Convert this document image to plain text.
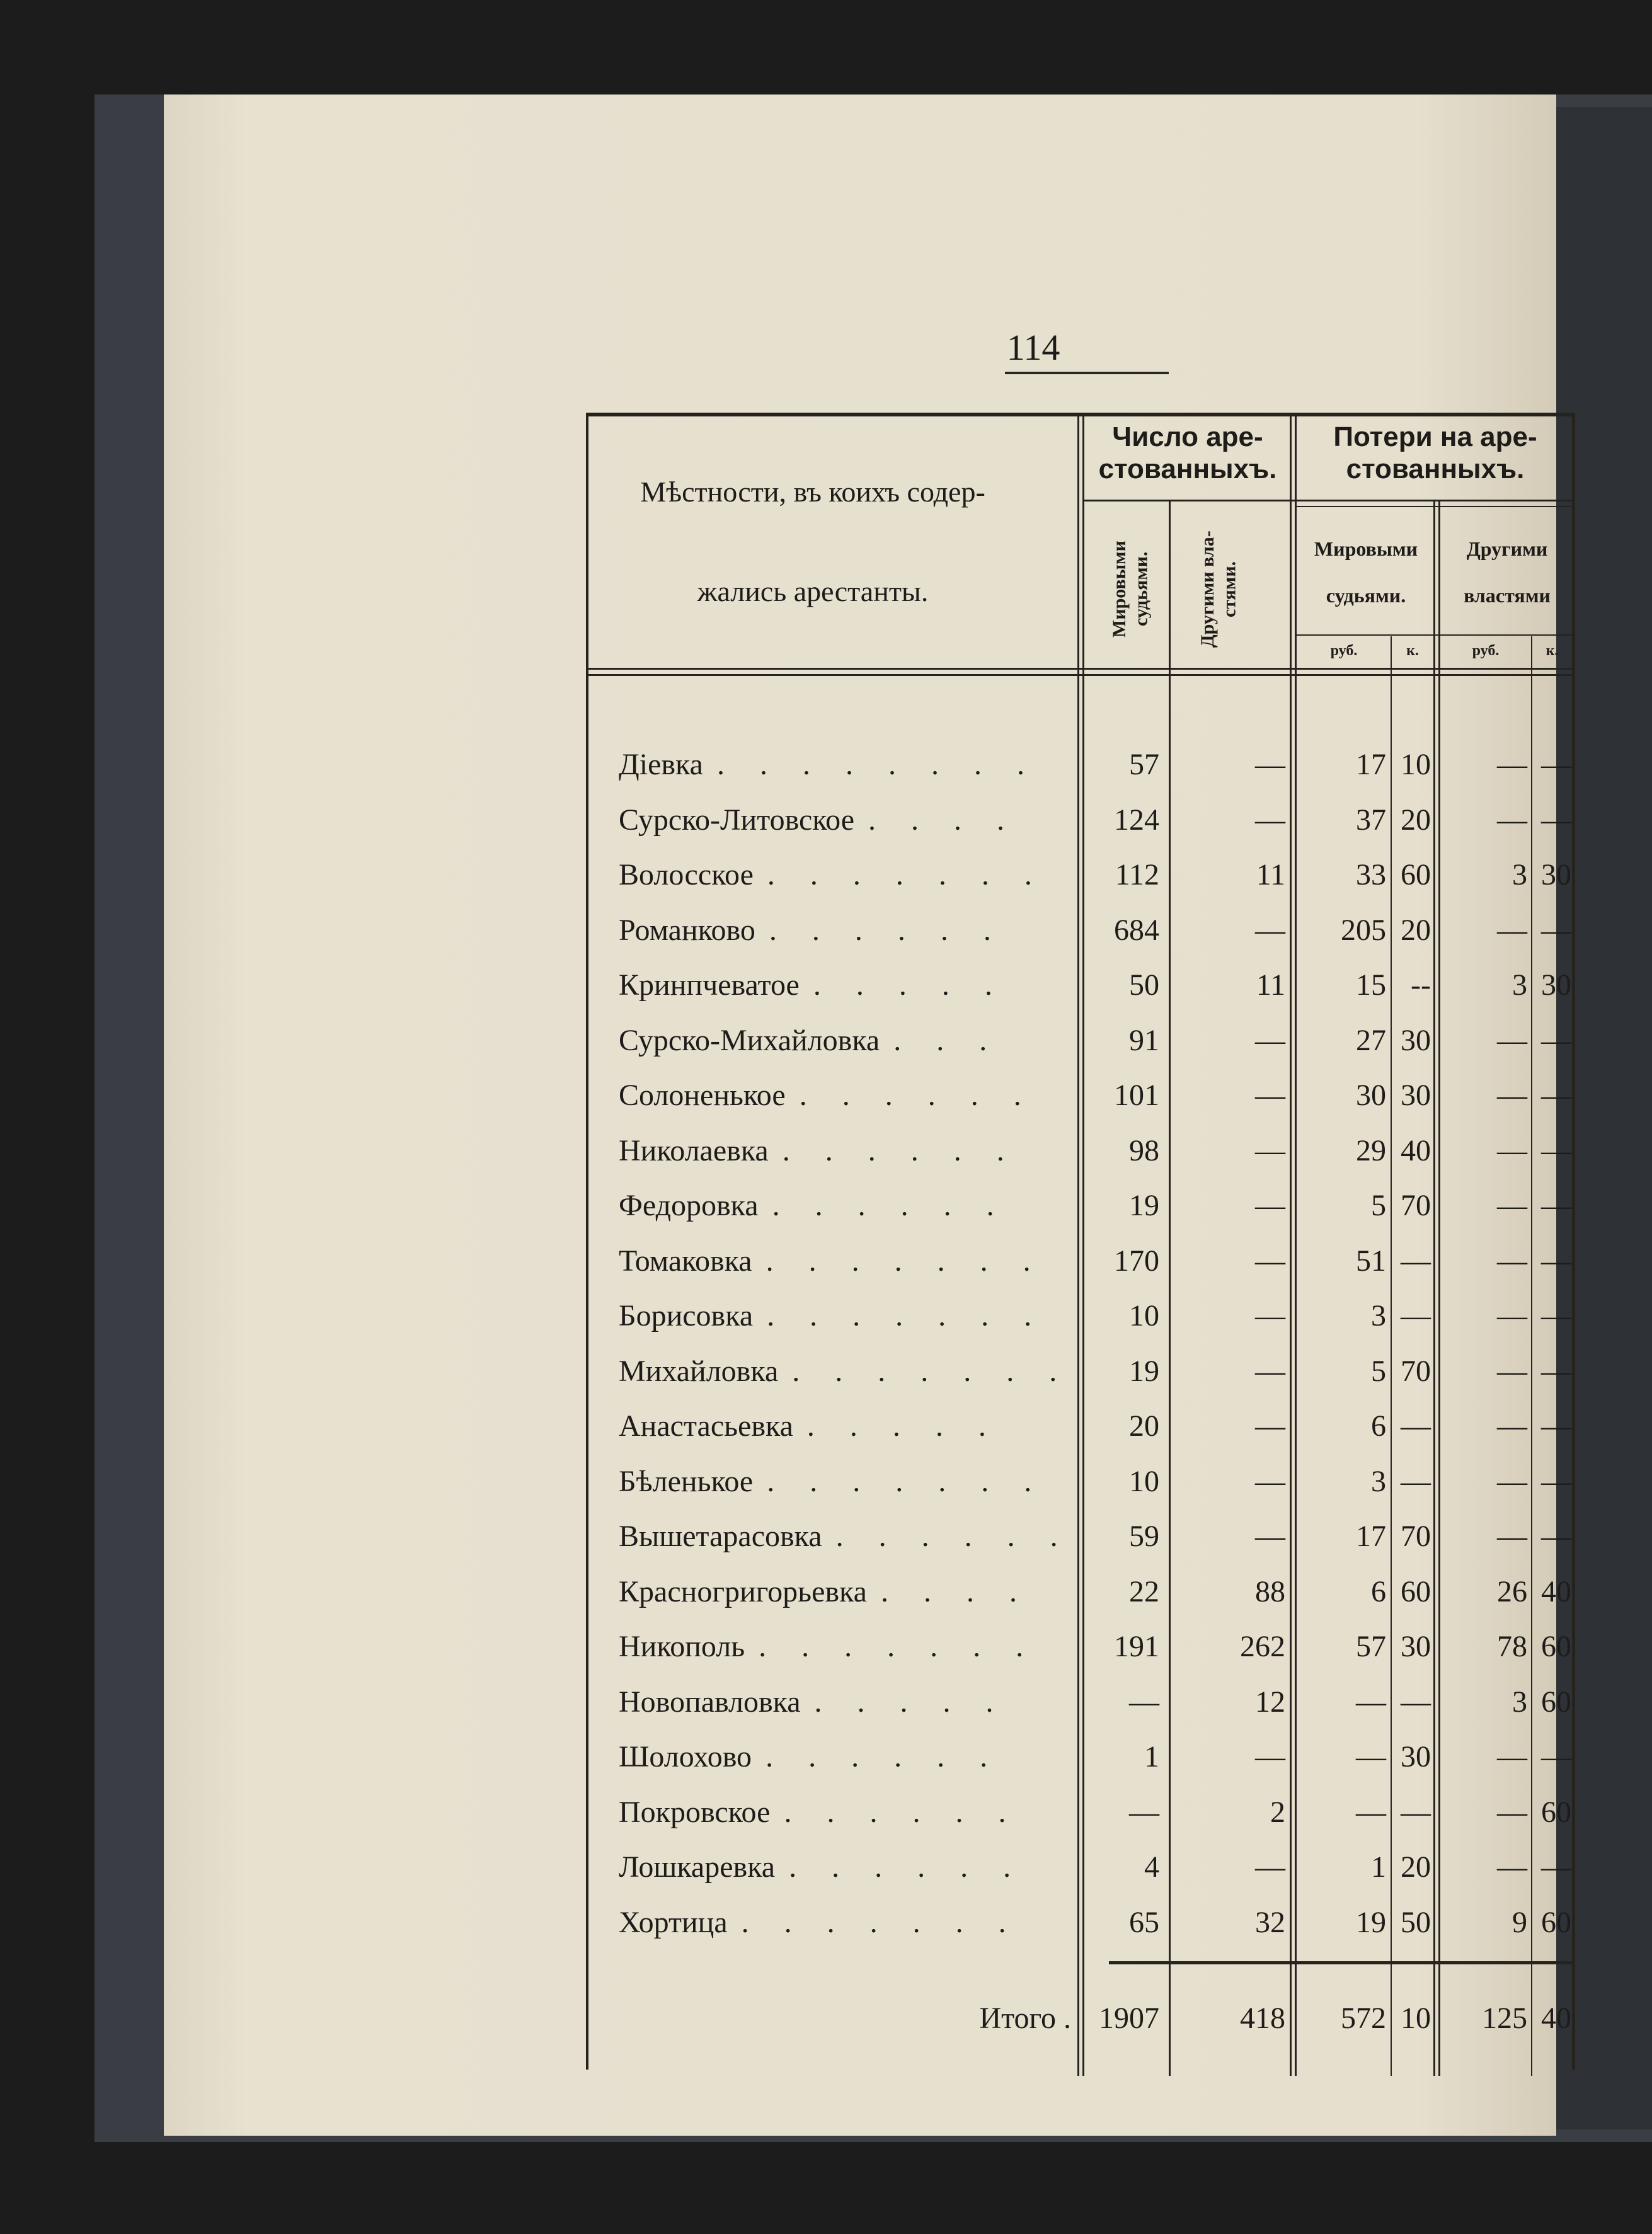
114
Мѣстности, въ коихъ содер-
жались арестанты.
Число аре-
стованныхъ.
Потери на аре-
стованныхъ.
Мировыми
судьями.	Другими вла-
стями.
Мировыми
судьями.
Другими
властями
руб.	к.	руб.	к.
Дiевка . . . . . . . .	57	—	17 10	— —
Сурско-Литовское . . . .	124	—	37 20	— —
Волосское . . . . . . .	112	11	33 60	3 30
Романково . . . . . .	684	—	205 20	— —
Кринпчеватое . . . . .	50	11	15 --	3 30
Сурско-Михайловка . . .	91	—	27 30	— —
Солоненькое . . . . . .	101	—	30 30	— —
Николаевка . . . . . .	98	—	29 40	— —
Федоровка . . . . . .	19	—	5 70	— —
Томаковка . . . . . . .	170	—	51 —	— —
Борисовка . . . . . . .	10	—	3 —	— —
Михайловка . . . . . . .	19	—	5 70	— —
Анастасьевка . . . . .	20	—	6 —	— —
Бѣленькое . . . . . . .	10	—	3 —	— —
Вышетарасовка . . . . . .	59	—	17 70	— —
Красногригорьевка . . . .	22	88	6 60	26 40
Никополь . . . . . . .	191	262	57 30	78 60
Новопавловка . . . . .	—	12	— —	3 60
Шолохово . . . . . .	1	—	— 30	— —
Покровское . . . . . .	—	2	— —	— 60
Лошкаревка . . . . . .	4	—	1 20	— —
Хортица . . . . . . .	65	32	19 50	9 60
Итого . 1907	418	572 10	125 40
